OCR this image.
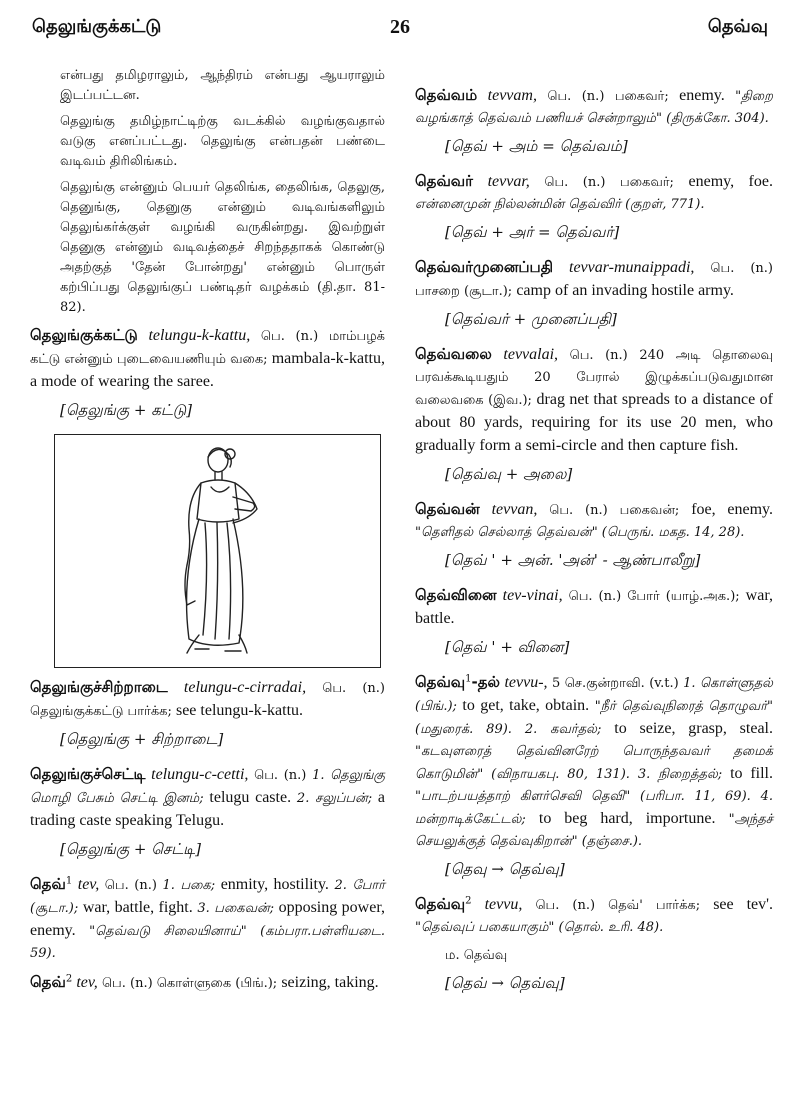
தெலுங்குக்கட்டு	26	தெவ்வு

என்பது தமிழராலும், ஆந்திரம் என்பது ஆயராலும் இடப்பட்டன.

தெலுங்கு தமிழ்நாட்டிற்கு வடக்கில் வழங்குவதால் வடுகு எனப்பட்டது. தெலுங்கு என்பதன் பண்டை வடிவம் திரிலிங்கம்.

தெலுங்கு என்னும் பெயர் தெலிங்க, தைலிங்க, தெலுகு, தெனுங்கு, தெனுகு என்னும் வடிவங்களிலும் தெலுங்கர்க்குள் வழங்கி வருகின்றது. இவற்றுள் தெனுகு என்னும் வடிவத்தைச் சிறந்ததாகக் கொண்டு அதற்குத் 'தேன் போன்றது' என்னும் பொருள் கற்பிப்பது தெலுங்குப் பண்டிதர் வழக்கம் (தி.தா. 81-82).

தெலுங்குக்கட்டு telungu-k-kattu, பெ. (n.) மாம்பழக் கட்டு என்னும் புடைவையணியும் வகை; mambala-k-kattu, a mode of wearing the saree.
[தெலுங்கு + கட்டு]
தெலுங்குச்சிற்றாடை telungu-c-cirradai, பெ. (n.) தெலுங்குக்கட்டு பார்க்க; see telungu-k-kattu.
[தெலுங்கு + சிற்றாடை]
தெலுங்குச்செட்டி telungu-c-cetti, பெ. (n.) 1. தெலுங்கு மொழி பேசும் செட்டி இனம்; telugu caste. 2. சலுப்பன்; a trading caste speaking Telugu.
[தெலுங்கு + செட்டி]
தெவ்$^1$ tev, பெ. (n.) 1. பகை; enmity, hostility. 2. போர் (சூடா.); war, battle, fight. 3. பகைவன்; opposing power, enemy. "தெவ்வடு சிலையினாய்" (கம்பரா.பள்ளியடை. 59).
தெவ்$^2$ tev, பெ. (n.) கொள்ளுகை (பிங்.); seizing, taking.
தெவ்வம் tevvam, பெ. (n.) பகைவர்; enemy. "திறை வழங்காத் தெவ்வம் பணியச் சென்றாலும்" (திருக்கோ. 304).
[தெவ் + அம் = தெவ்வம்]
தெவ்வர் tevvar, பெ. (n.) பகைவர்; enemy, foe. என்னைமுன் நில்லன்மின் தெவ்விர் (குறள், 771).
[தெவ் + அர் = தெவ்வர்]
தெவ்வர்முனைப்பதி tevvar-munaippadi, பெ. (n.) பாசறை (சூடா.); camp of an invading hostile army.
[தெவ்வர் + முனைப்பதி]
தெவ்வலை tevvalai, பெ. (n.) 240 அடி தொலைவு பரவக்கூடியதும் 20 பேரால் இழுக்கப்படுவதுமான வலைவகை (இவ.); drag net that spreads to a distance of about 80 yards, requiring for its use 20 men, who gradually form a semi-circle and then capture fish.
[தெவ்வு + அலை]
தெவ்வன் tevvan, பெ. (n.) பகைவன்; foe, enemy. "தெளிதல் செல்லாத் தெவ்வன்" (பெருங். மகத. 14, 28).
[தெவ் ' + அன். 'அன்' - ஆண்பாலீறு]
தெவ்வினை tev-vinai, பெ. (n.) போர் (யாழ்.அக.); war, battle.
[தெவ் ' + வினை]
தெவ்வு$^1$-தல் tevvu-, 5 செ.குன்றாவி. (v.t.) 1. கொள்ளுதல் (பிங்.); to get, take, obtain. "நீர் தெவ்வுநிரைத் தொழுவர்" (மதுரைக். 89). 2. கவர்தல்; to seize, grasp, steal. "கடவுளரைத் தெவ்வினரேற் பொருந்தவவர் தமைக் கொடுமின்" (விநாயகபு. 80, 131). 3. நிறைத்தல்; to fill. "பாடற்பயத்தாற் கிளர்செவி தெவி" (பரிபா. 11, 69). 4. மன்றாடிக்கேட்டல்; to beg hard, importune. "அந்தச் செயலுக்குத் தெவ்வுகிறான்" (தஞ்சை.).
[தெவு → தெவ்வு]
தெவ்வு$^2$ tevvu, பெ. (n.) தெவ்' பார்க்க; see tev'. "தெவ்வுப் பகையாகும்" (தொல். உரி. 48).
ம. தெவ்வு
[தெவ் → தெவ்வு]
